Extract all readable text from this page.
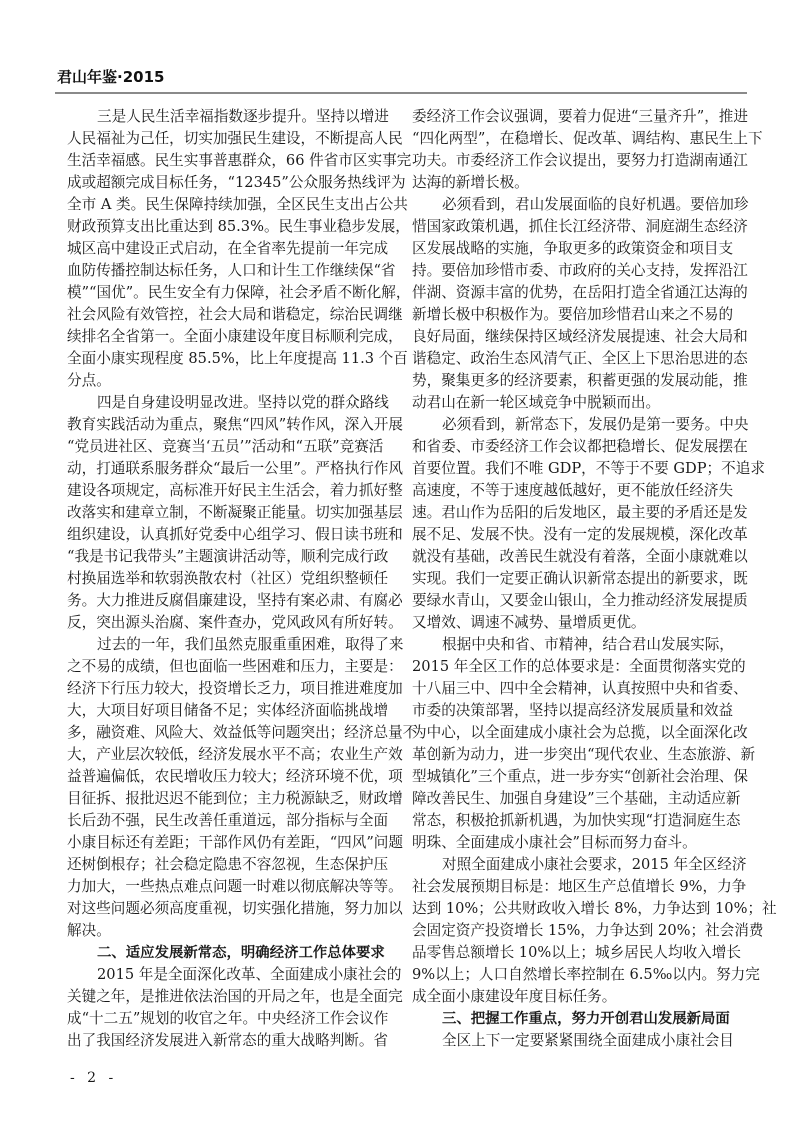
君山年鉴·2015
三是人民生活幸福指数逐步提升。坚持以增进
人民福祉为己任，切实加强民生建设，不断提高人民
生活幸福感。民生实事普惠群众，66 件省市区实事完
成或超额完成目标任务，“12345”公众服务热线评为
全市 A 类。民生保障持续加强，全区民生支出占公共
财政预算支出比重达到 85.3%。民生事业稳步发展，
城区高中建设正式启动，在全省率先提前一年完成
血防传播控制达标任务，人口和计生工作继续保“省
模”“国优”。民生安全有力保障，社会矛盾不断化解，
社会风险有效管控，社会大局和谐稳定，综治民调继
续排名全省第一。全面小康建设年度目标顺利完成，
全面小康实现程度 85.5%，比上年度提高 11.3 个百
分点。
四是自身建设明显改进。坚持以党的群众路线
教育实践活动为重点，聚焦“四风”转作风，深入开展
“党员进社区、竞赛当‘五员’”活动和“五联”竞赛活
动，打通联系服务群众“最后一公里”。严格执行作风
建设各项规定，高标准开好民主生活会，着力抓好整
改落实和建章立制，不断凝聚正能量。切实加强基层
组织建设，认真抓好党委中心组学习、假日读书班和
“我是书记我带头”主题演讲活动等，顺利完成行政
村换届选举和软弱涣散农村（社区）党组织整顿任
务。大力推进反腐倡廉建设，坚持有案必肃、有腐必
反，突出源头治腐、案件查办，党风政风有所好转。
过去的一年，我们虽然克服重重困难，取得了来
之不易的成绩，但也面临一些困难和压力，主要是：
经济下行压力较大，投资增长乏力，项目推进难度加
大，大项目好项目储备不足；实体经济面临挑战增
多，融资难、风险大、效益低等问题突出；经济总量不
大，产业层次较低，经济发展水平不高；农业生产效
益普遍偏低，农民增收压力较大；经济环境不优，项
目征拆、报批迟迟不能到位；主力税源缺乏，财政增
长后劲不强，民生改善任重道远，部分指标与全面
小康目标还有差距；干部作风仍有差距，“四风”问题
还树倒根存；社会稳定隐患不容忽视，生态保护压
力加大，一些热点难点问题一时难以彻底解决等等。
对这些问题必须高度重视，切实强化措施，努力加以
解决。
二、适应发展新常态，明确经济工作总体要求
2015 年是全面深化改革、全面建成小康社会的
关键之年，是推进依法治国的开局之年，也是全面完
成“十二五”规划的收官之年。中央经济工作会议作
出了我国经济发展进入新常态的重大战略判断。省
委经济工作会议强调，要着力促进“三量齐升”，推进
“四化两型”，在稳增长、促改革、调结构、惠民生上下
功夫。市委经济工作会议提出，要努力打造湖南通江
达海的新增长极。
必须看到，君山发展面临的良好机遇。要倍加珍
惜国家政策机遇，抓住长江经济带、洞庭湖生态经济
区发展战略的实施，争取更多的政策资金和项目支
持。要倍加珍惜市委、市政府的关心支持，发挥沿江
伴湖、资源丰富的优势，在岳阳打造全省通江达海的
新增长极中积极作为。要倍加珍惜君山来之不易的
良好局面，继续保持区域经济发展提速、社会大局和
谐稳定、政治生态风清气正、全区上下思治思进的态
势，聚集更多的经济要素，积蓄更强的发展动能，推
动君山在新一轮区域竞争中脱颖而出。
必须看到，新常态下，发展仍是第一要务。中央
和省委、市委经济工作会议都把稳增长、促发展摆在
首要位置。我们不唯 GDP，不等于不要 GDP；不追求
高速度，不等于速度越低越好，更不能放任经济失
速。君山作为岳阳的后发地区，最主要的矛盾还是发
展不足、发展不快。没有一定的发展规模，深化改革
就没有基础，改善民生就没有着落，全面小康就难以
实现。我们一定要正确认识新常态提出的新要求，既
要绿水青山，又要金山银山，全力推动经济发展提质
又增效、调速不减势、量增质更优。
根据中央和省、市精神，结合君山发展实际，
2015 年全区工作的总体要求是：全面贯彻落实党的
十八届三中、四中全会精神，认真按照中央和省委、
市委的决策部署，坚持以提高经济发展质量和效益
为中心，以全面建成小康社会为总揽，以全面深化改
革创新为动力，进一步突出“现代农业、生态旅游、新
型城镇化”三个重点，进一步夯实“创新社会治理、保
障改善民生、加强自身建设”三个基础，主动适应新
常态，积极抢抓新机遇，为加快实现“打造洞庭生态
明珠、全面建成小康社会”目标而努力奋斗。
对照全面建成小康社会要求，2015 年全区经济
社会发展预期目标是：地区生产总值增长 9%，力争
达到 10%；公共财政收入增长 8%，力争达到 10%；社
会固定资产投资增长 15%，力争达到 20%；社会消费
品零售总额增长 10%以上；城乡居民人均收入增长
9%以上；人口自然增长率控制在 6.5‰以内。努力完
成全面小康建设年度目标任务。
三、把握工作重点，努力开创君山发展新局面
全区上下一定要紧紧围绕全面建成小康社会目
- 2 -
